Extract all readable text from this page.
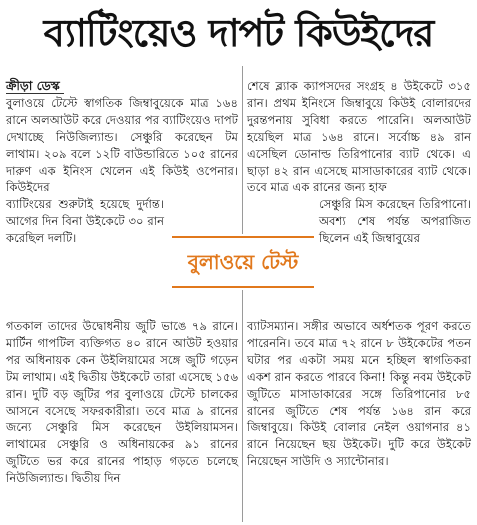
ব্যাটিংয়েও দাপট কিউইদের

ক্রীড়া ডেস্ক

বুলাওয়ে টেস্টে স্বাগতিক জিম্বাবুয়েকে মাত্র ১৬৪ রানে অলআউট করে দেওয়ার পর ব্যাটিংয়েও দাপট দেখাচ্ছে নিউজিল্যান্ড। সেঞ্চুরি করেছেন টম লাথাম। ২০৯ বলে ১২টি বাউন্ডারিতে ১০৫ রানের দারুণ এক ইনিংস খেলেন এই কিউই ওপেনার। কিউইদের

ব্যাটিংয়ের শুরুটাই হয়েছে দুর্দান্ত। আগের দিন বিনা উইকেটে ৩০ রান করেছিল দলটি।

গতকাল তাদের উদ্বোধনীয় জুটি ভাঙে ৭৯ রানে। মার্টিন গাপটিল ব্যক্তিগত ৪০ রানে আউট হওয়ার পর অধিনায়ক কেন উইলিয়ামের সঙ্গে জুটি গড়েন টম লাথাম। এই দ্বিতীয় উইকেটে তারা এসেছে ১৫৬ রান। দুটি বড় জুটির পর বুলাওয়ে টেস্টে চালকের আসনে বসেছে সফরকারীরা। তবে মাত্র ৯ রানের জন্যে সেঞ্চুরি মিস করেছেন উইলিয়ামসন। লাথামের সেঞ্চুরি ও অধিনায়কের ৯১ রানের জুটিতে ভর করে রানের পাহাড় গড়তে চলেছে নিউজিল্যান্ড। দ্বিতীয় দিন

শেষে ব্ল্যাক ক্যাপসদের সংগ্রহ ৪ উইকেটে ৩১৫ রান। প্রথম ইনিংসে জিম্বাবুয়ে কিউই বোলারদের দুরন্তপনায় সুবিধা করতে পারেনি। অলআউট হয়েছিল মাত্র ১৬৪ রানে। সর্বোচ্চ ৪৯ রান এসেছিল ডোনাল্ড তিরিপানোর ব্যাট থেকে। এ ছাড়া ৪২ রান এসেছে মাসাডাকারের ব্যাট থেকে। তবে মাত্র এক রানের জন্য হাফ

সেঞ্চুরি মিস করেছেন তিরিপানো। অবশ্য শেষ পর্যন্ত অপরাজিত ছিলেন এই জিম্বাবুয়ের

ব্যাটসম্যান। সঙ্গীর অভাবে অর্ধশতক পূরণ করতে পারেননি। তবে মাত্র ৭২ রানে ৮ উইকেটের পতন ঘটার পর একটা সময় মনে হচ্ছিল স্বাগতিকরা একশ রান করতে পারবে কিনা! কিন্তু নবম উইকেট জুটিতে মাসাডাকারের সঙ্গে তিরিপানোর ৮৫ রানের জুটিতে শেষ পর্যন্ত ১৬৪ রান করে জিম্বাবুয়ে। কিউই বোলার নেইল ওয়াগনার ৪১ রানে নিয়েছেন ছয় উইকেট। দুটি করে উইকেট নিয়েছেন সাউদি ও স্যান্টোনার।

বুলাওয়ে টেস্ট
